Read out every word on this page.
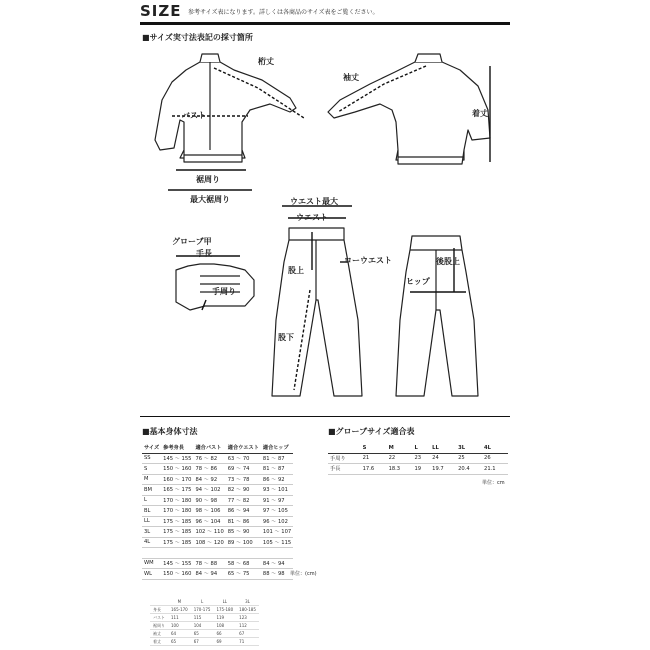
SIZE 参考サイズ表になります。詳しくは各商品のサイズ表をご覧ください。
■サイズ実寸法表記の採寸箇所
桁丈
袖丈
バスト	着丈
裾周り
最大裾周り	ウエスト最大
ウエスト
ローウエスト
グローブ甲
手長
手周り
股上
ヒップ
後股上
股下
■基本身体寸法
サイズ	参考身長	適合バスト	適合ウエスト	適合ヒップ
SS	145 ～ 155	76 ～ 82	63 ～ 70	81 ～ 87
S	150 ～ 160	78 ～ 86	69 ～ 74	81 ～ 87
M	160 ～ 170	84 ～ 92	73 ～ 78	86 ～ 92
BM	165 ～ 175	94 ～ 102	82 ～ 90	93 ～ 101
L	170 ～ 180	90 ～ 98	77 ～ 82	91 ～ 97
BL	170 ～ 180	98 ～ 106	86 ～ 94	97 ～ 105
LL	175 ～ 185	96 ～ 104	81 ～ 86	96 ～ 102
3L	175 ～ 185	102 ～ 110	85 ～ 90	101 ～ 107
4L	175 ～ 185	108 ～ 120	89 ～ 100	105 ～ 115

WM	145 ～ 155	78 ～ 88	58 ～ 68	84 ～ 94
WL	150 ～ 160	84 ～ 94	65 ～ 75	88 ～ 98 単位：(cm)
■グローブサイズ適合表
	S	M	L	LL	3L	4L
手周り	21	22	23	24	25	26
手長	17.6	18.3	19	19.7	20.4	21.1
単位：cm
	M	L	LL	3L
身長	165-170	170-175	175-180	180-185
バスト	111	115	119	123
裾周り	100	104	108	112
袖丈	64	65	66	67
着丈	65	67	69	71
